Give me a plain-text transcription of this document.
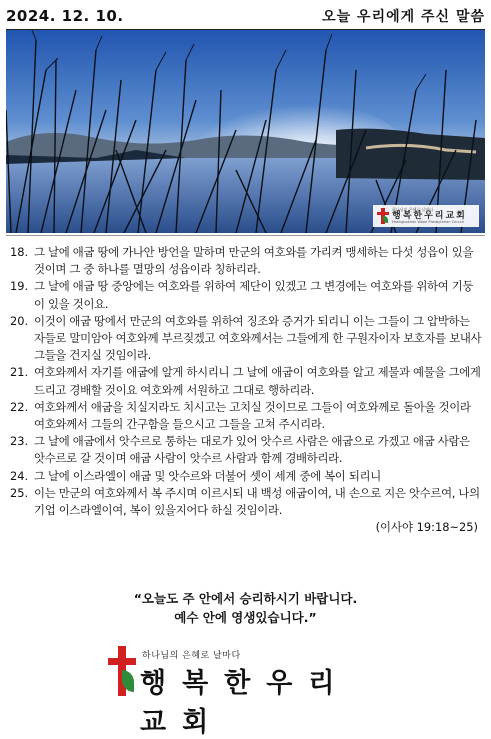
2024. 12. 10.	오늘 우리에게 주신 말씀
하나님의 은혜로 날마다
행복한우리교회
Haengbokhan Woori Presbyterian Church
18. 그 날에 애굽 땅에 가나안 방언을 말하며 만군의 여호와를 가리켜 맹세하는 다섯 성읍이 있을 것이며 그 중 하나를 멸망의 성읍이라 칭하리라.
19. 그 날에 애굽 땅 중앙에는 여호와를 위하여 제단이 있겠고 그 변경에는 여호와를 위하여 기둥이 있을 것이요.
20. 이것이 애굽 땅에서 만군의 여호와를 위하여 징조와 증거가 되리니 이는 그들이 그 압박하는 자들로 말미암아 여호와께 부르짖겠고 여호와께서는 그들에게 한 구원자이자 보호자를 보내사 그들을 건지실 것임이라.
21. 여호와께서 자기를 애굽에 알게 하시리니 그 날에 애굽이 여호와를 알고 제물과 예물을 그에게 드리고 경배할 것이요 여호와께 서원하고 그대로 행하리라.
22. 여호와께서 애굽을 치실지라도 치시고는 고치실 것이므로 그들이 여호와께로 돌아올 것이라 여호와께서 그들의 간구함을 들으시고 그들을 고쳐 주시리라.
23. 그 날에 애굽에서 앗수르로 통하는 대로가 있어 앗수르 사람은 애굽으로 가겠고 애굽 사람은 앗수르로 갈 것이며 애굽 사람이 앗수르 사람과 함께 경배하리라.
24. 그 날에 이스라엘이 애굽 및 앗수르와 더불어 셋이 세계 중에 복이 되리니
25. 이는 만군의 여호와께서 복 주시며 이르시되 내 백성 애굽이여, 내 손으로 지은 앗수르여, 나의 기업 이스라엘이여, 복이 있을지어다 하실 것임이라.
(이사야 19:18~25)
“오늘도 주 안에서 승리하시기 바랍니다.
예수 안에 영생있습니다.”
하나님의 은혜로 날마다
행복한우리교회
